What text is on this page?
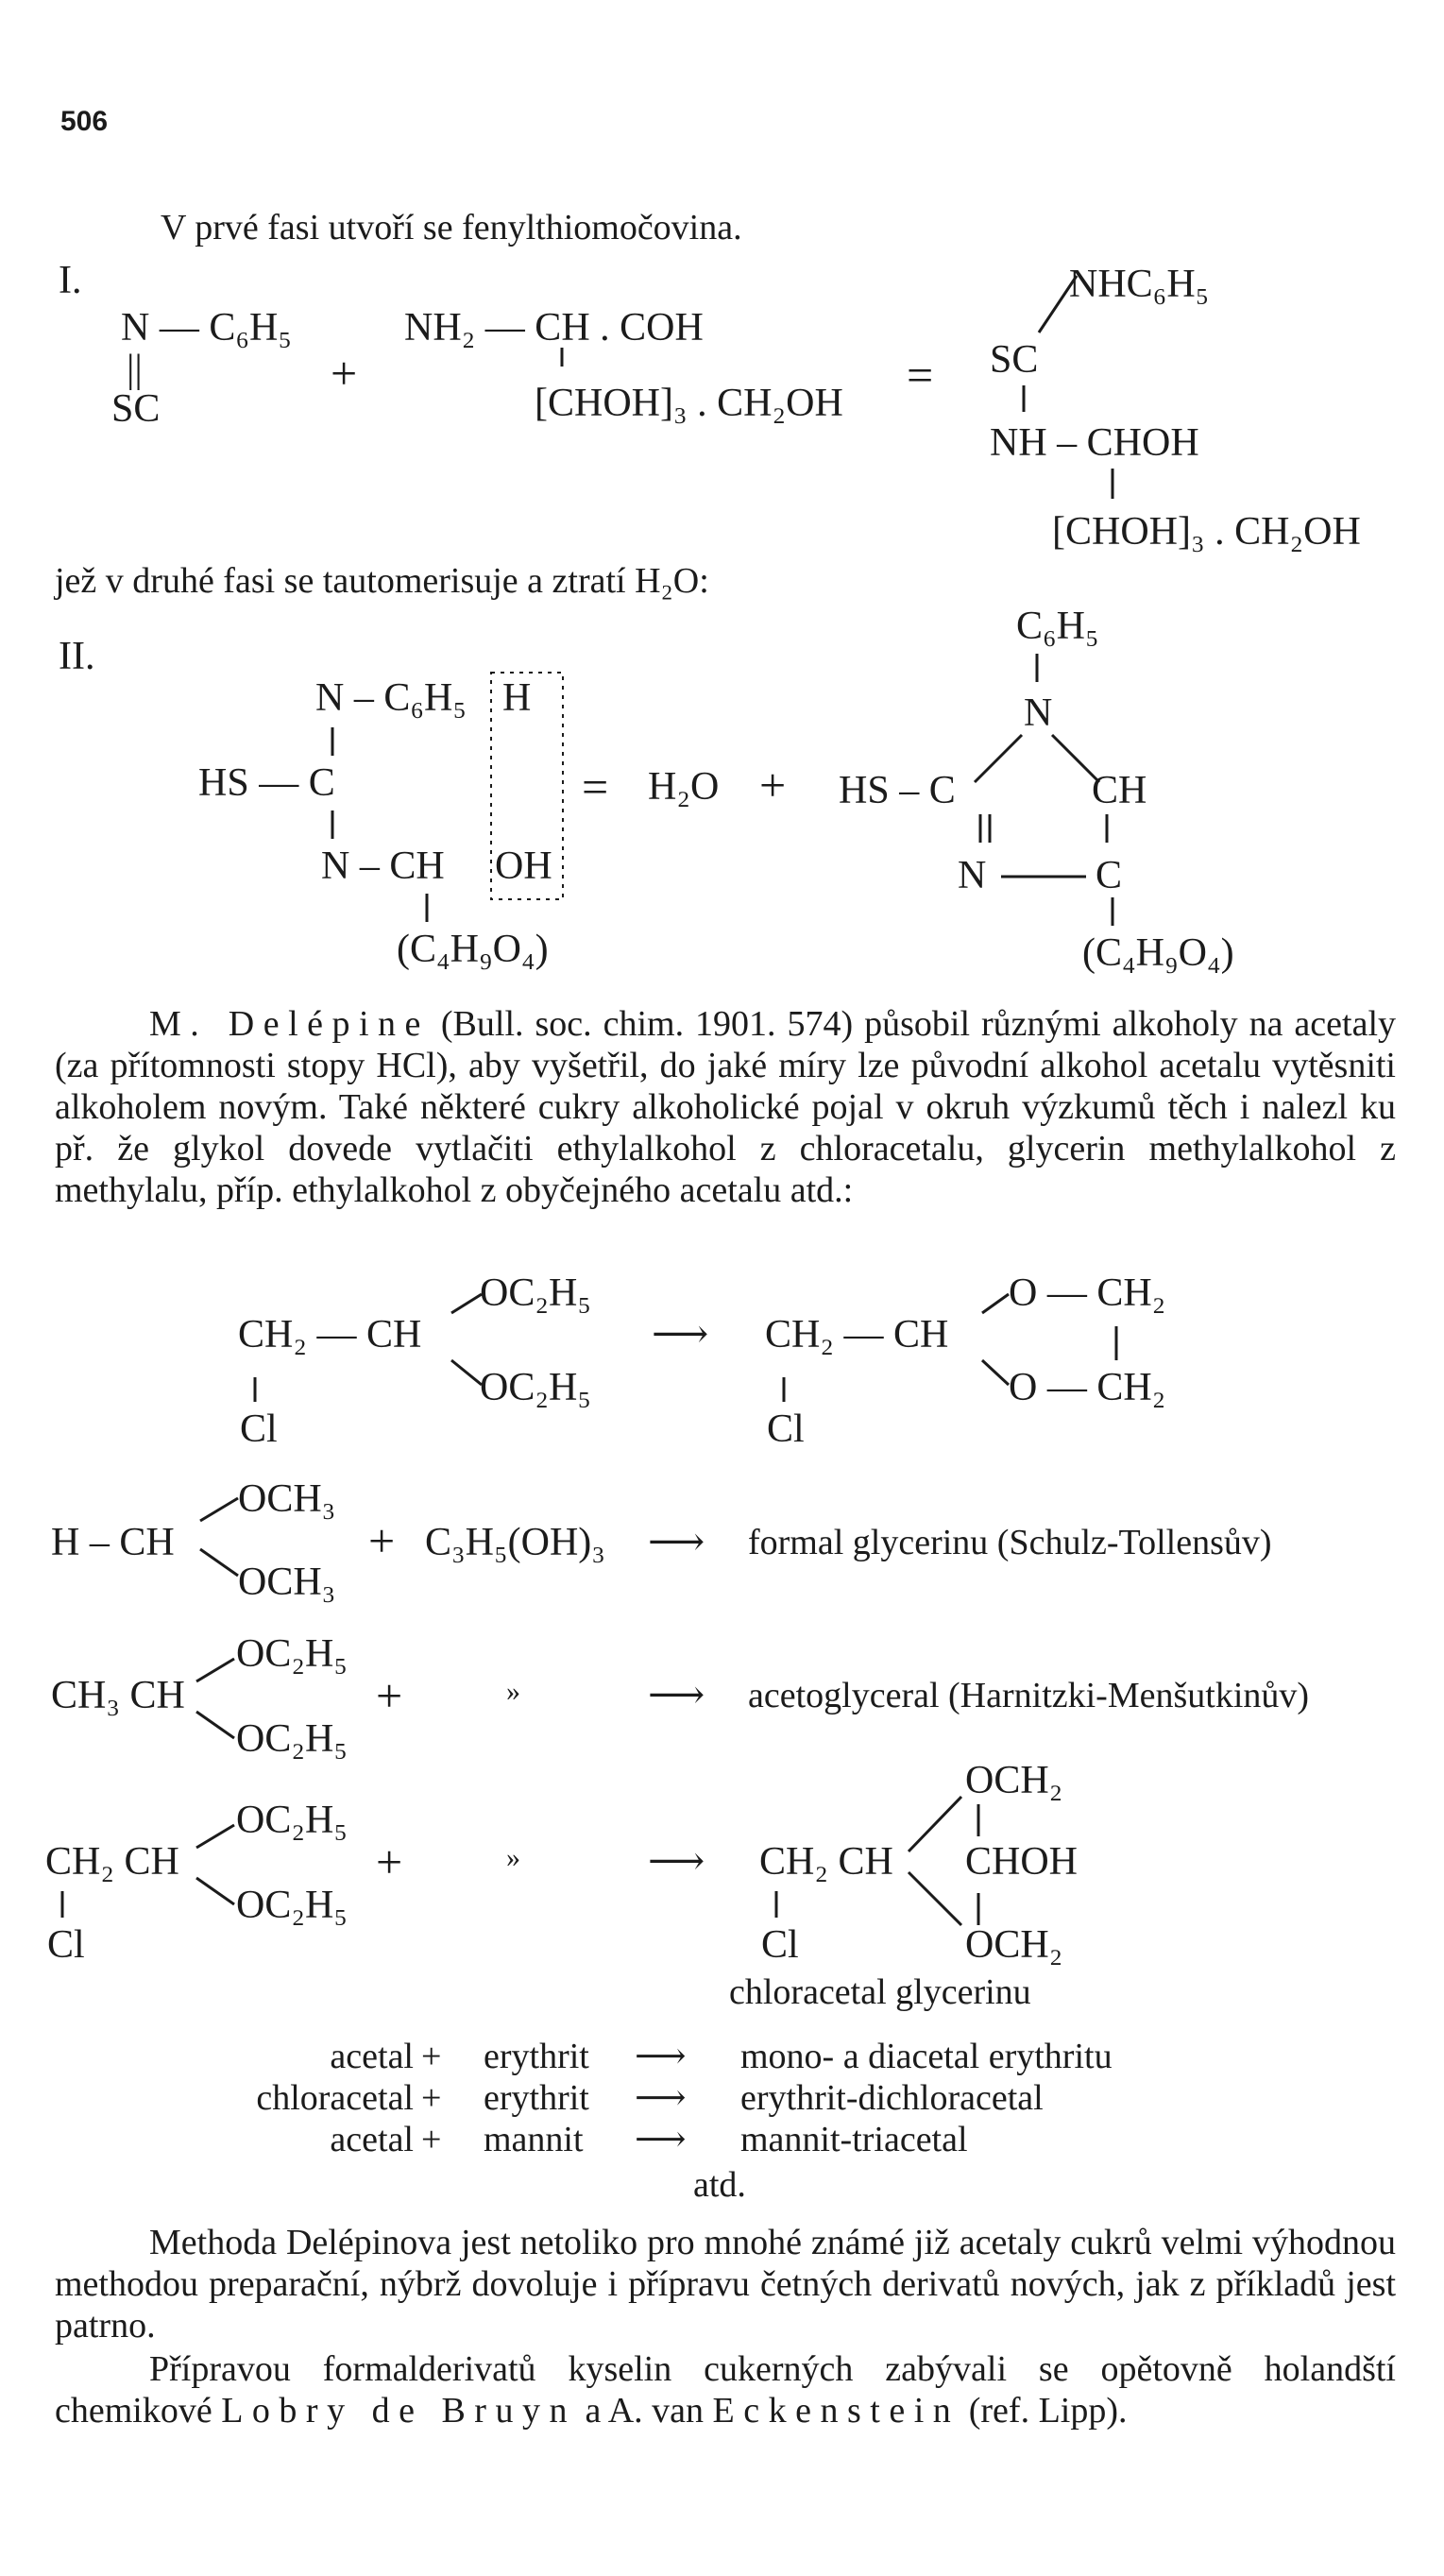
506
V prvé fasi utvoří se fenylthiomočovina.
I.
N — C₆H₅
||
SC
+
NH₂ — CH . COH
[CHOH]₃ . CH₂OH
=
NHC₆H₅
SC
NH – CHOH
[CHOH]₃ . CH₂OH
jež v druhé fasi se tautomerisuje a ztratí H₂O:
II.
N – C₆H₅ H
HS — C
N – CH OH
(C₄H₉O₄)
= H₂O +
C₆H₅
N
HS – C	CH
N	C
(C₄H₉O₄)
M. Delépine (Bull. soc. chim. 1901. 574) působil různými alkoholy na acetaly (za přítomnosti stopy HCl), aby vyšetřil, do jaké míry lze původní alkohol acetalu vytěsniti alkoholem novým. Také některé cukry alkoholické pojal v okruh výzkumů těch i nalezl ku př. že glykol dovede vytlačiti ethylalkohol z chloracetalu, glycerin methylalkohol z methylalu, příp. ethylalkohol z obyčejného acetalu atd.:
CH₂ — CH
OC₂H₅
OC₂H₅
Cl
⟶ CH₂ — CH
O — CH₂
O — CH₂
Cl
H – CH
OCH₃
OCH₃
+ C₃H₅(OH)₃ ⟶ formal glycerinu (Schulz-Tollensův)
CH₃ CH
OC₂H₅
OC₂H₅
+	»	⟶ acetoglyceral (Harnitzki-Menšutkinův)
CH₂ CH
OC₂H₅
OC₂H₅
Cl
+	»	⟶ CH₂ CH
Cl
OCH₂
CHOH
OCH₂
chloracetal glycerinu
acetal + erythrit ⟶ mono- a diacetal erythritu
chloracetal + erythrit ⟶ erythrit-dichloracetal
acetal + mannit ⟶ mannit-triacetal
atd.
Methoda Delépinova jest netoliko pro mnohé známé již acetaly cukrů velmi výhodnou methodou preparační, nýbrž dovoluje i přípravu četných derivatů nových, jak z příkladů jest patrno.
Přípravou formalderivatů kyselin cukerných zabývali se opětovně holandští chemikové Lobry de Bruyn a A. van Eckenstein (ref. Lipp).
